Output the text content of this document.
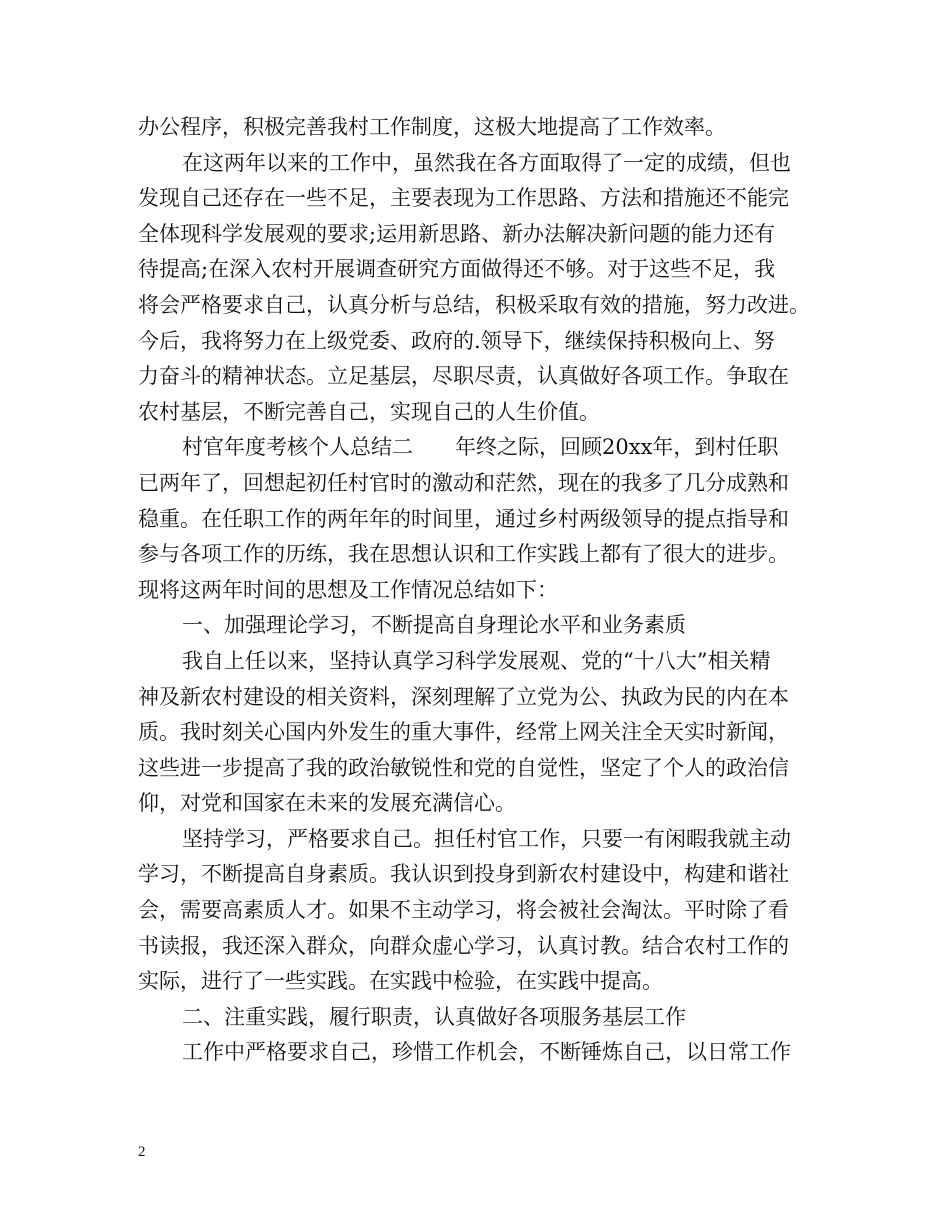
办公程序，积极完善我村工作制度，这极大地提高了工作效率。
在这两年以来的工作中，虽然我在各方面取得了一定的成绩，但也
发现自己还存在一些不足，主要表现为工作思路、方法和措施还不能完
全体现科学发展观的要求;运用新思路、新办法解决新问题的能力还有
待提高;在深入农村开展调查研究方面做得还不够。对于这些不足，我
将会严格要求自己，认真分析与总结，积极采取有效的措施，努力改进。
今后，我将努力在上级党委、政府的.领导下，继续保持积极向上、努
力奋斗的精神状态。立足基层，尽职尽责，认真做好各项工作。争取在
农村基层，不断完善自己，实现自己的人生价值。
村官年度考核个人总结二　　年终之际，回顾20xx年，到村任职
已两年了，回想起初任村官时的激动和茫然，现在的我多了几分成熟和
稳重。在任职工作的两年年的时间里，通过乡村两级领导的提点指导和
参与各项工作的历练，我在思想认识和工作实践上都有了很大的进步。
现将这两年时间的思想及工作情况总结如下：
一、加强理论学习，不断提高自身理论水平和业务素质
我自上任以来，坚持认真学习科学发展观、党的“十八大”相关精
神及新农村建设的相关资料，深刻理解了立党为公、执政为民的内在本
质。我时刻关心国内外发生的重大事件，经常上网关注全天实时新闻，
这些进一步提高了我的政治敏锐性和党的自觉性，坚定了个人的政治信
仰，对党和国家在未来的发展充满信心。
坚持学习，严格要求自己。担任村官工作，只要一有闲暇我就主动
学习，不断提高自身素质。我认识到投身到新农村建设中，构建和谐社
会，需要高素质人才。如果不主动学习，将会被社会淘汰。平时除了看
书读报，我还深入群众，向群众虚心学习，认真讨教。结合农村工作的
实际，进行了一些实践。在实践中检验，在实践中提高。
二、注重实践，履行职责，认真做好各项服务基层工作
工作中严格要求自己，珍惜工作机会，不断锤炼自己，以日常工作
2
